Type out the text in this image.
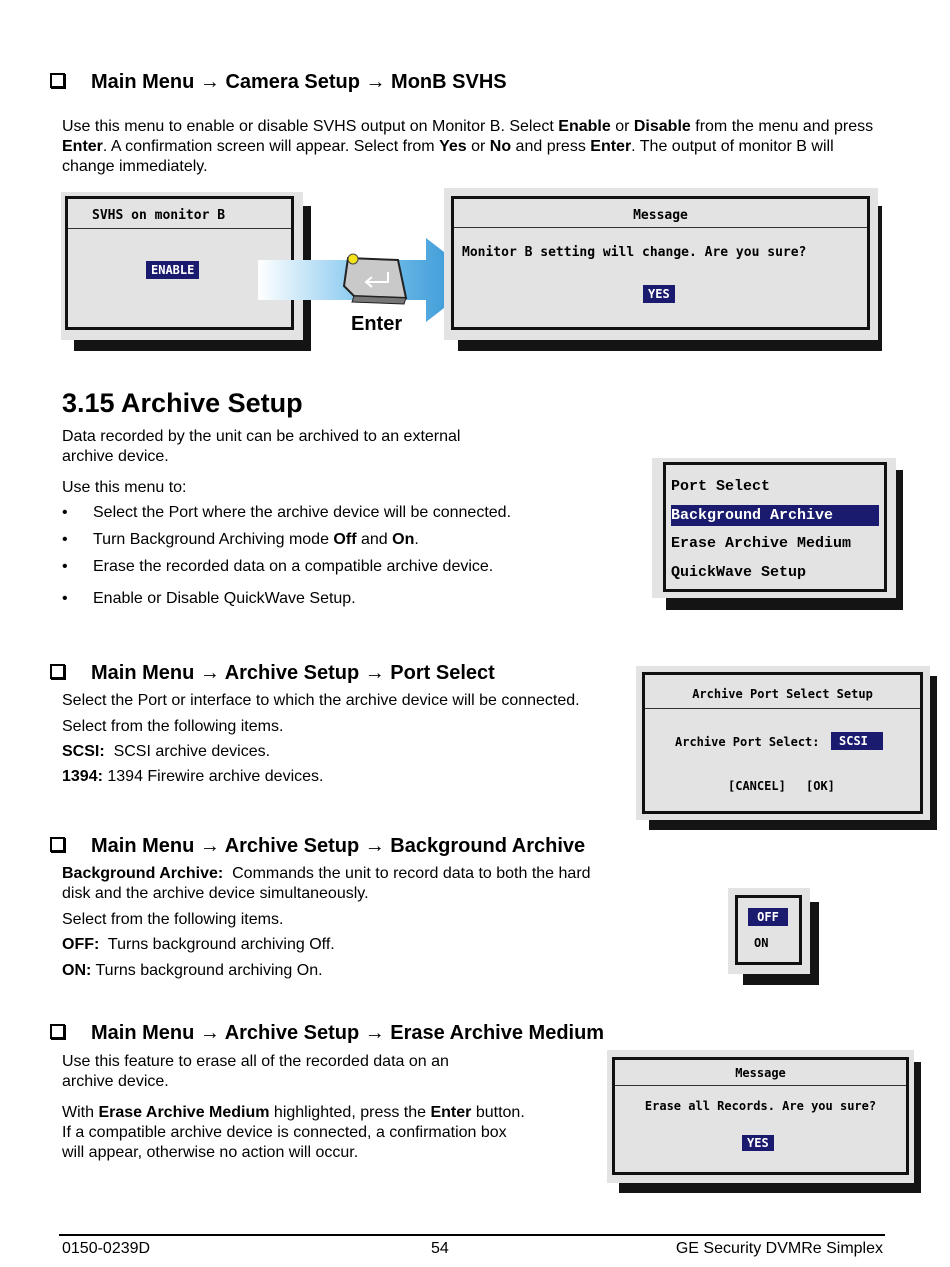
Main Menu → Camera Setup → MonB SVHS
Use this menu to enable or disable SVHS output on Monitor B. Select Enable or Disable from the menu and press Enter. A confirmation screen will appear. Select from Yes or No and press Enter. The output of monitor B will change immediately.
SVHS on monitor B
ENABLE
Enter
Message
Monitor B setting will change. Are you sure?
YES
3.15 Archive Setup
Data recorded by the unit can be archived to an external archive device.
Use this menu to:
• Select the Port where the archive device will be connected.
• Turn Background Archiving mode Off and On.
• Erase the recorded data on a compatible archive device.
• Enable or Disable QuickWave Setup.
Port Select
Background Archive
Erase Archive Medium
QuickWave Setup
Main Menu → Archive Setup → Port Select
Select the Port or interface to which the archive device will be connected.
Select from the following items.
SCSI:  SCSI archive devices.
1394: 1394 Firewire archive devices.
Archive Port Select Setup
Archive Port Select:	SCSI
[CANCEL] [OK]
Main Menu → Archive Setup → Background Archive
Background Archive:  Commands the unit to record data to both the hard disk and the archive device simultaneously.
Select from the following items.
OFF:  Turns background archiving Off.
ON: Turns background archiving On.
OFF
ON
Main Menu → Archive Setup → Erase Archive Medium
Use this feature to erase all of the recorded data on an archive device.
With Erase Archive Medium highlighted, press the Enter button. If a compatible archive device is connected, a confirmation box will appear, otherwise no action will occur.
Message
Erase all Records. Are you sure?
YES
0150-0239D	54	GE Security DVMRe Simplex
